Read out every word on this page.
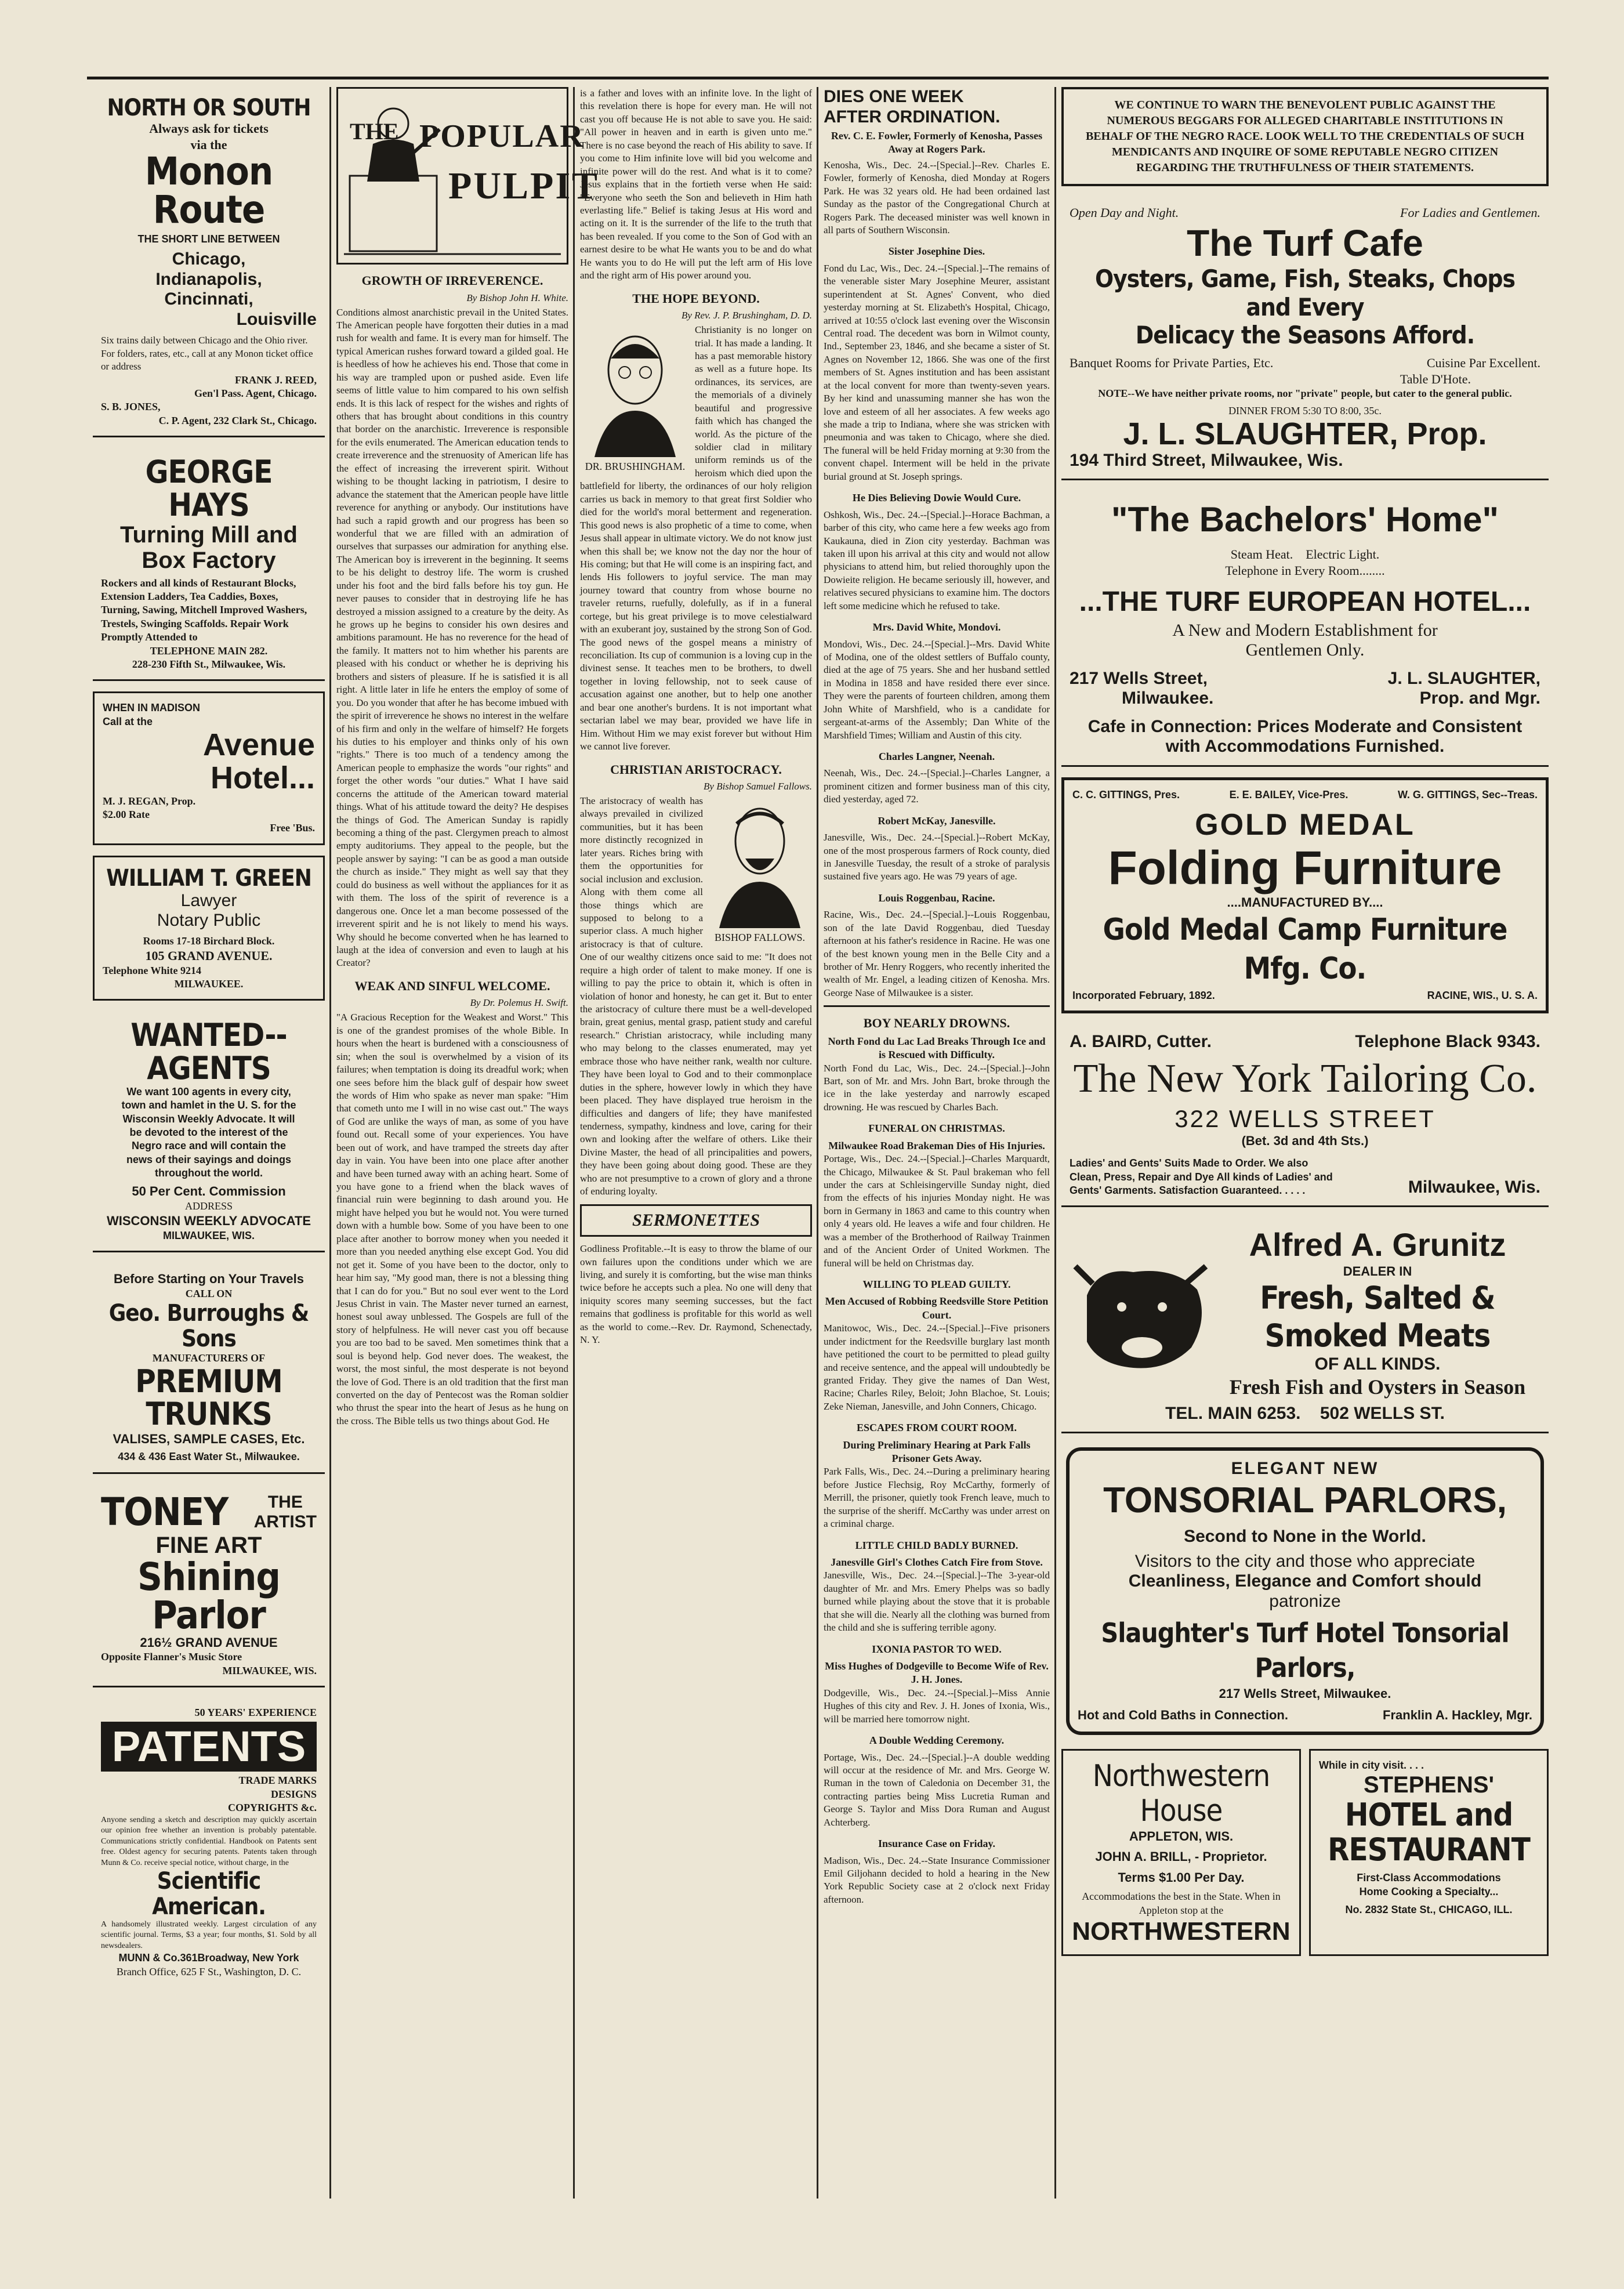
NORTH OR SOUTH
Always ask for tickets
via the
Monon Route
THE SHORT LINE BETWEEN
Chicago,
Indianapolis,
Cincinnati,
Louisville
Six trains daily between Chicago and the Ohio river. For folders, rates, etc., call at any Monon ticket office or address
FRANK J. REED,
Gen'l Pass. Agent, Chicago.
S. B. JONES,
C. P. Agent, 232 Clark St., Chicago.
GEORGE HAYS
Turning Mill and
Box Factory
Rockers and all kinds of Restaurant Blocks, Extension Ladders, Tea Caddies, Boxes, Turning, Sawing, Mitchell Improved Washers, Trestels, Swinging Scaffolds. Repair Work Promptly Attended to
TELEPHONE MAIN 282.
228-230 Fifth St., Milwaukee, Wis.
WHEN IN MADISON
Call at the
Avenue
Hotel...
M. J. REGAN, Prop.
$2.00 Rate
Free 'Bus.
WILLIAM T. GREEN
Lawyer
Notary Public
Rooms 17-18 Birchard Block.
105 GRAND AVENUE.
Telephone White 9214
MILWAUKEE.
WANTED--AGENTS
We want 100 agents in every city, town and hamlet in the U. S. for the Wisconsin Weekly Advocate. It will be devoted to the interest of the Negro race and will contain the news of their sayings and doings throughout the world.
50 Per Cent. Commission
ADDRESS
WISCONSIN WEEKLY ADVOCATE
MILWAUKEE, WIS.
Before Starting on Your Travels
CALL ON
Geo. Burroughs & Sons
MANUFACTURERS OF
PREMIUM TRUNKS
VALISES, SAMPLE CASES, Etc.
434 & 436 East Water St., Milwaukee.
TONEY	THE
ARTIST
FINE ART
Shining Parlor
216½ GRAND AVENUE
Opposite Flanner's Music Store
MILWAUKEE, WIS.
50 YEARS' EXPERIENCE
PATENTS
TRADE MARKS
DESIGNS
COPYRIGHTS &c.
Anyone sending a sketch and description may quickly ascertain our opinion free whether an invention is probably patentable. Communications strictly confidential. Handbook on Patents sent free. Oldest agency for securing patents. Patents taken through Munn & Co. receive special notice, without charge, in the
Scientific American.
A handsomely illustrated weekly. Largest circulation of any scientific journal. Terms, $3 a year; four months, $1. Sold by all newsdealers.
MUNN & Co.361Broadway, New York
Branch Office, 625 F St., Washington, D. C.
THE POPULAR
PULPIT
GROWTH OF IRREVERENCE.
By Bishop John H. White.
Conditions almost anarchistic prevail in the United States. The American people have forgotten their duties in a mad rush for wealth and fame. It is every man for himself. The typical American rushes forward toward a gilded goal. He is heedless of how he achieves his end. Those that come in his way are trampled upon or pushed aside. Even life seems of little value to him compared to his own selfish ends. It is this lack of respect for the wishes and rights of others that has brought about conditions in this country that border on the anarchistic. Irreverence is responsible for the evils enumerated. The American education tends to create irreverence and the strenuosity of American life has the effect of increasing the irreverent spirit. Without wishing to be thought lacking in patriotism, I desire to advance the statement that the American people have little reverence for anything or anybody. Our institutions have had such a rapid growth and our progress has been so wonderful that we are filled with an admiration of ourselves that surpasses our admiration for anything else. The American boy is irreverent in the beginning. It seems to be his delight to destroy life. The worm is crushed under his foot and the bird falls before his toy gun. He never pauses to consider that in destroying life he has destroyed a mission assigned to a creature by the deity. As he grows up he begins to consider his own desires and ambitions paramount. He has no reverence for the head of the family. It matters not to him whether his parents are pleased with his conduct or whether he is depriving his brothers and sisters of pleasure. If he is satisfied it is all right. A little later in life he enters the employ of some of you. Do you wonder that after he has become imbued with the spirit of irreverence he shows no interest in the welfare of his firm and only in the welfare of himself? He forgets his duties to his employer and thinks only of his own "rights." There is too much of a tendency among the American people to emphasize the words "our rights" and forget the other words "our duties." What I have said concerns the attitude of the American toward material things. What of his attitude toward the deity? He despises the things of God. The American Sunday is rapidly becoming a thing of the past. Clergymen preach to almost empty auditoriums. They appeal to the people, but the people answer by saying: "I can be as good a man outside the church as inside." They might as well say that they could do business as well without the appliances for it as with them. The loss of the spirit of reverence is a dangerous one. Once let a man become possessed of the irreverent spirit and he is not likely to mend his ways. Why should he become converted when he has learned to laugh at the idea of conversion and even to laugh at his Creator?
WEAK AND SINFUL WELCOME.
By Dr. Polemus H. Swift.
"A Gracious Reception for the Weakest and Worst." This is one of the grandest promises of the whole Bible. In hours when the heart is burdened with a consciousness of sin; when the soul is overwhelmed by a vision of its failures; when temptation is doing its dreadful work; when one sees before him the black gulf of despair how sweet the words of Him who spake as never man spake: "Him that cometh unto me I will in no wise cast out." The ways of God are unlike the ways of man, as some of you have found out. Recall some of your experiences. You have been out of work, and have tramped the streets day after day in vain. You have been into one place after another and have been turned away with an aching heart. Some of you have gone to a friend when the black waves of financial ruin were beginning to dash around you. He might have helped you but he would not. You were turned down with a humble bow. Some of you have been to one place after another to borrow money when you needed it more than you needed anything else except God. You did not get it. Some of you have been to the doctor, only to hear him say, "My good man, there is not a blessing thing that I can do for you." But no soul ever went to the Lord Jesus Christ in vain. The Master never turned an earnest, honest soul away unblessed. The Gospels are full of the story of helpfulness. He will never cast you off because you are too bad to be saved. Men sometimes think that a soul is beyond help. God never does. The weakest, the worst, the most sinful, the most desperate is not beyond the love of God. There is an old tradition that the first man converted on the day of Pentecost was the Roman soldier who thrust the spear into the heart of Jesus as he hung on the cross. The Bible tells us two things about God. He
is a father and loves with an infinite love. In the light of this revelation there is hope for every man. He will not cast you off because He is not able to save you. He said: "All power in heaven and in earth is given unto me." There is no case beyond the reach of His ability to save. If you come to Him infinite love will bid you welcome and infinite power will do the rest. And what is it to come? Jesus explains that in the fortieth verse when He said: "Everyone who seeth the Son and believeth in Him hath everlasting life." Belief is taking Jesus at His word and acting on it. It is the surrender of the life to the truth that has been revealed. If you come to the Son of God with an earnest desire to be what He wants you to be and do what He wants you to do He will put the left arm of His love and the right arm of His power around you.
THE HOPE BEYOND.
By Rev. J. P. Brushingham, D. D.
DR. BRUSHINGHAM.
Christianity is no longer on trial. It has made a landing. It has a past memorable history as well as a future hope. Its ordinances, its services, are the memorials of a divinely beautiful and progressive faith which has changed the world. As the picture of the soldier clad in military uniform reminds us of the heroism which died upon the battlefield for liberty, the ordinances of our holy religion carries us back in memory to that great first Soldier who died for the world's moral betterment and regeneration. This good news is also prophetic of a time to come, when Jesus shall appear in ultimate victory. We do not know just when this shall be; we know not the day nor the hour of His coming; but that He will come is an inspiring fact, and lends His followers to joyful service. The man may journey toward that country from whose bourne no traveler returns, ruefully, dolefully, as if in a funeral cortege, but his great privilege is to move celestialward with an exuberant joy, sustained by the strong Son of God. The good news of the gospel means a ministry of reconciliation. Its cup of communion is a loving cup in the divinest sense. It teaches men to be brothers, to dwell together in loving fellowship, not to seek cause of accusation against one another, but to help one another and bear one another's burdens. It is not important what sectarian label we may bear, provided we have life in Him. Without Him we may exist forever but without Him we cannot live forever.
CHRISTIAN ARISTOCRACY.
By Bishop Samuel Fallows.
BISHOP FALLOWS.
The aristocracy of wealth has always prevailed in civilized communities, but it has been more distinctly recognized in later years. Riches bring with them the opportunities for social inclusion and exclusion. Along with them come all those things which are supposed to belong to a superior class. A much higher aristocracy is that of culture. One of our wealthy citizens once said to me: "It does not require a high order of talent to make money. If one is willing to pay the price to obtain it, which is often in violation of honor and honesty, he can get it. But to enter the aristocracy of culture there must be a well-developed brain, great genius, mental grasp, patient study and careful research." Christian aristocracy, while including many who may belong to the classes enumerated, may yet embrace those who have neither rank, wealth nor culture. They have been loyal to God and to their commonplace duties in the sphere, however lowly in which they have been placed. They have displayed true heroism in the difficulties and dangers of life; they have manifested tenderness, sympathy, kindness and love, caring for their own and looking after the welfare of others. Like their Divine Master, the head of all principalities and powers, they have been going about doing good. These are they who are not presumptive to a crown of glory and a throne of enduring loyalty.
SERMONETTES
Godliness Profitable.--It is easy to throw the blame of our own failures upon the conditions under which we are living, and surely it is comforting, but the wise man thinks twice before he accepts such a plea. No one will deny that iniquity scores many seeming successes, but the fact remains that godliness is profitable for this world as well as the world to come.--Rev. Dr. Raymond, Schenectady, N. Y.
DIES ONE WEEK
AFTER ORDINATION.
Rev. C. E. Fowler, Formerly of Kenosha, Passes Away at Rogers Park.
Kenosha, Wis., Dec. 24.--[Special.]--Rev. Charles E. Fowler, formerly of Kenosha, died Monday at Rogers Park. He was 32 years old. He had been ordained last Sunday as the pastor of the Congregational Church at Rogers Park. The deceased minister was well known in all parts of Southern Wisconsin.
Sister Josephine Dies.
Fond du Lac, Wis., Dec. 24.--[Special.]--The remains of the venerable sister Mary Josephine Meurer, assistant superintendent at St. Agnes' Convent, who died yesterday morning at St. Elizabeth's Hospital, Chicago, arrived at 10:55 o'clock last evening over the Wisconsin Central road. The decedent was born in Wilmot county, Ind., September 23, 1846, and she became a sister of St. Agnes on November 12, 1866. She was one of the first members of St. Agnes institution and has been assistant at the local convent for more than twenty-seven years. By her kind and unassuming manner she has won the love and esteem of all her associates. A few weeks ago she made a trip to Indiana, where she was stricken with pneumonia and was taken to Chicago, where she died. The funeral will be held Friday morning at 9:30 from the convent chapel. Interment will be held in the private burial ground at St. Joseph springs.
He Dies Believing Dowie Would Cure.
Oshkosh, Wis., Dec. 24.--[Special.]--Horace Bachman, a barber of this city, who came here a few weeks ago from Kaukauna, died in Zion city yesterday. Bachman was taken ill upon his arrival at this city and would not allow physicians to attend him, but relied thoroughly upon the Dowieite religion. He became seriously ill, however, and relatives secured physicians to examine him. The doctors left some medicine which he refused to take.
Mrs. David White, Mondovi.
Mondovi, Wis., Dec. 24.--[Special.]--Mrs. David White of Modina, one of the oldest settlers of Buffalo county, died at the age of 75 years. She and her husband settled in Modina in 1858 and have resided there ever since. They were the parents of fourteen children, among them John White of Marshfield, who is a candidate for sergeant-at-arms of the Assembly; Dan White of the Marshfield Times; William and Austin of this city.
Charles Langner, Neenah.
Neenah, Wis., Dec. 24.--[Special.]--Charles Langner, a prominent citizen and former business man of this city, died yesterday, aged 72.
Robert McKay, Janesville.
Janesville, Wis., Dec. 24.--[Special.]--Robert McKay, one of the most prosperous farmers of Rock county, died in Janesville Tuesday, the result of a stroke of paralysis sustained five years ago. He was 79 years of age.
Louis Roggenbau, Racine.
Racine, Wis., Dec. 24.--[Special.]--Louis Roggenbau, son of the late David Roggenbau, died Tuesday afternoon at his father's residence in Racine. He was one of the best known young men in the Belle City and a brother of Mr. Henry Roggers, who recently inherited the wealth of Mr. Engel, a leading citizen of Kenosha. Mrs. George Nase of Milwaukee is a sister.
BOY NEARLY DROWNS.
North Fond du Lac Lad Breaks Through Ice and is Rescued with Difficulty.
North Fond du Lac, Wis., Dec. 24.--[Special.]--John Bart, son of Mr. and Mrs. John Bart, broke through the ice in the lake yesterday and narrowly escaped drowning. He was rescued by Charles Bach.
FUNERAL ON CHRISTMAS.
Milwaukee Road Brakeman Dies of His Injuries.
Portage, Wis., Dec. 24.--[Special.]--Charles Marquardt, the Chicago, Milwaukee & St. Paul brakeman who fell under the cars at Schleisingerville Sunday night, died from the effects of his injuries Monday night. He was born in Germany in 1863 and came to this country when only 4 years old. He leaves a wife and four children. He was a member of the Brotherhood of Railway Trainmen and of the Ancient Order of United Workmen. The funeral will be held on Christmas day.
WILLING TO PLEAD GUILTY.
Men Accused of Robbing Reedsville Store Petition Court.
Manitowoc, Wis., Dec. 24.--[Special.]--Five prisoners under indictment for the Reedsville burglary last month have petitioned the court to be permitted to plead guilty and receive sentence, and the appeal will undoubtedly be granted Friday. They give the names of Dan West, Racine; Charles Riley, Beloit; John Blachoe, St. Louis; Zeke Nieman, Janesville, and John Conners, Chicago.
ESCAPES FROM COURT ROOM.
During Preliminary Hearing at Park Falls Prisoner Gets Away.
Park Falls, Wis., Dec. 24.--During a preliminary hearing before Justice Flechsig, Roy McCarthy, formerly of Merrill, the prisoner, quietly took French leave, much to the surprise of the sheriff. McCarthy was under arrest on a criminal charge.
LITTLE CHILD BADLY BURNED.
Janesville Girl's Clothes Catch Fire from Stove.
Janesville, Wis., Dec. 24.--[Special.]--The 3-year-old daughter of Mr. and Mrs. Emery Phelps was so badly burned while playing about the stove that it is probable that she will die. Nearly all the clothing was burned from the child and she is suffering terrible agony.
IXONIA PASTOR TO WED.
Miss Hughes of Dodgeville to Become Wife of Rev. J. H. Jones.
Dodgeville, Wis., Dec. 24.--[Special.]--Miss Annie Hughes of this city and Rev. J. H. Jones of Ixonia, Wis., will be married here tomorrow night.
A Double Wedding Ceremony.
Portage, Wis., Dec. 24.--[Special.]--A double wedding will occur at the residence of Mr. and Mrs. George W. Ruman in the town of Caledonia on December 31, the contracting parties being Miss Lucretia Ruman and George S. Taylor and Miss Dora Ruman and August Achterberg.
Insurance Case on Friday.
Madison, Wis., Dec. 24.--State Insurance Commissioner Emil Giljohann decided to hold a hearing in the New York Republic Society case at 2 o'clock next Friday afternoon.
WE CONTINUE TO WARN THE BENEVOLENT PUBLIC AGAINST THE NUMEROUS BEGGARS FOR ALLEGED CHARITABLE INSTITUTIONS IN BEHALF OF THE NEGRO RACE. LOOK WELL TO THE CREDENTIALS OF SUCH MENDICANTS AND INQUIRE OF SOME REPUTABLE NEGRO CITIZEN REGARDING THE TRUTHFULNESS OF THEIR STATEMENTS.
Open Day and Night.	For Ladies and Gentlemen.
The Turf Cafe
Oysters, Game, Fish, Steaks, Chops and Every
Delicacy the Seasons Afford.
Banquet Rooms for Private Parties, Etc.	Cuisine Par Excellent.
Table D'Hote.
NOTE--We have neither private rooms, nor "private" people, but cater to the general public.
DINNER FROM 5:30 TO 8:00, 35c.
J. L. SLAUGHTER, Prop.
194 Third Street, Milwaukee, Wis.
"The Bachelors' Home"
Steam Heat. Electric Light.
Telephone in Every Room........
...THE TURF EUROPEAN HOTEL...
A New and Modern Establishment for
Gentlemen Only.
217 Wells Street,	J. L. SLAUGHTER,
Milwaukee.	Prop. and Mgr.
Cafe in Connection: Prices Moderate and Consistent
with Accommodations Furnished.
C. C. GITTINGS, Pres.	E. E. BAILEY, Vice-Pres.	W. G. GITTINGS, Sec--Treas.
GOLD MEDAL
Folding Furniture
....MANUFACTURED BY....
Gold Medal Camp Furniture Mfg. Co.
Incorporated February, 1892.	RACINE, WIS., U. S. A.
A. BAIRD, Cutter.	Telephone Black 9343.
The New York Tailoring Co.
322 WELLS STREET
(Bet. 3d and 4th Sts.)
Ladies' and Gents' Suits Made to Order. We also Clean, Press, Repair and Dye All kinds of Ladies' and Gents' Garments. Satisfaction Guaranteed. . . . .	Milwaukee, Wis.
Alfred A. Grunitz
DEALER IN
Fresh, Salted & Smoked Meats
OF ALL KINDS.
Fresh Fish and Oysters in Season
TEL. MAIN 6253. 502 WELLS ST.
ELEGANT NEW
TONSORIAL PARLORS,
Second to None in the World.
Visitors to the city and those who appreciate
Cleanliness, Elegance and Comfort should
patronize
Slaughter's Turf Hotel Tonsorial Parlors,
217 Wells Street, Milwaukee.
Hot and Cold Baths in Connection.	Franklin A. Hackley, Mgr.
Northwestern House
APPLETON, WIS.
JOHN A. BRILL, - Proprietor.
Terms $1.00 Per Day.
Accommodations the best in the State. When in Appleton stop at the
NORTHWESTERN
While in city visit. . . .
STEPHENS'
HOTEL and RESTAURANT
First-Class Accommodations
Home Cooking a Specialty...
No. 2832 State St., CHICAGO, ILL.
